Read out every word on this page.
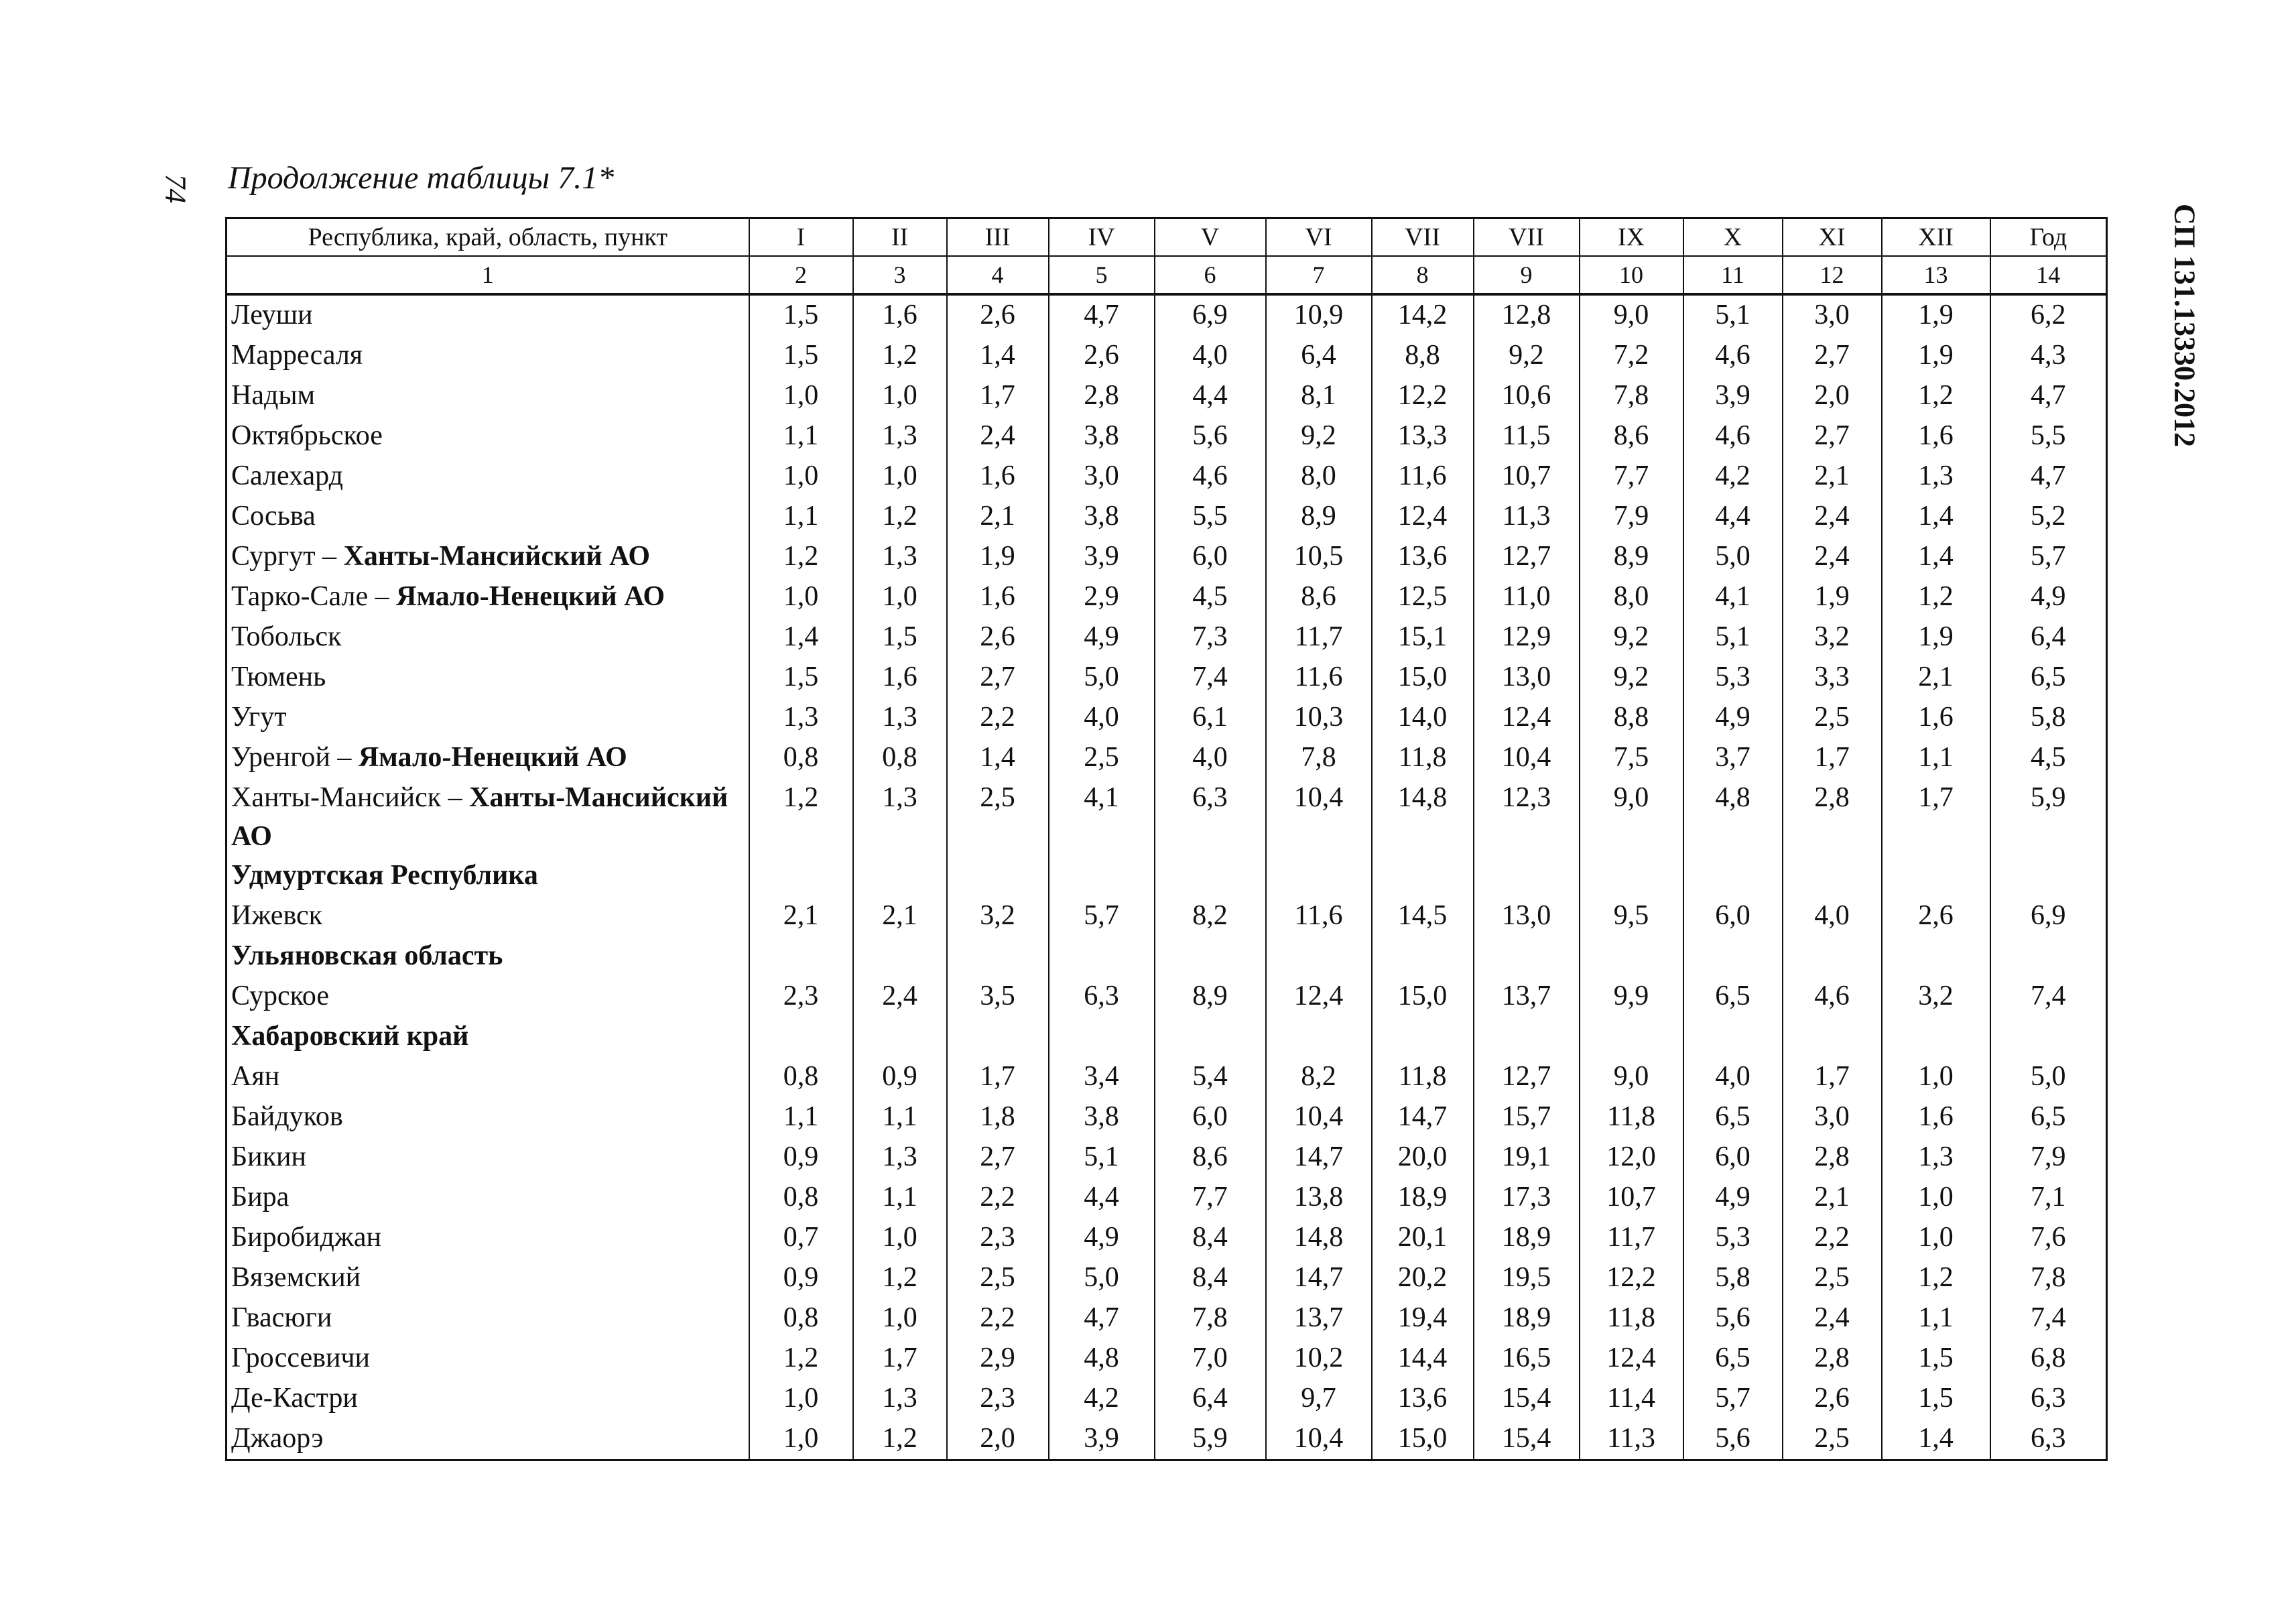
74 Продолжение таблицы 7.1*
СП 131.13330.2012
Республика, край, область, пункт	I	II	III	IV	V	VI	VII	VII	IX	X	XI	XII	Год
1	2	3	4	5	6	7	8	9	10	11	12	13	14
Леуши	1,5	1,6	2,6	4,7	6,9	10,9	14,2	12,8	9,0	5,1	3,0	1,9	6,2
Марресаля	1,5	1,2	1,4	2,6	4,0	6,4	8,8	9,2	7,2	4,6	2,7	1,9	4,3
Надым	1,0	1,0	1,7	2,8	4,4	8,1	12,2	10,6	7,8	3,9	2,0	1,2	4,7
Октябрьское	1,1	1,3	2,4	3,8	5,6	9,2	13,3	11,5	8,6	4,6	2,7	1,6	5,5
Салехард	1,0	1,0	1,6	3,0	4,6	8,0	11,6	10,7	7,7	4,2	2,1	1,3	4,7
Сосьва	1,1	1,2	2,1	3,8	5,5	8,9	12,4	11,3	7,9	4,4	2,4	1,4	5,2
Сургут – Ханты-Мансийский АО	1,2	1,3	1,9	3,9	6,0	10,5	13,6	12,7	8,9	5,0	2,4	1,4	5,7
Тарко-Сале – Ямало-Ненецкий АО	1,0	1,0	1,6	2,9	4,5	8,6	12,5	11,0	8,0	4,1	1,9	1,2	4,9
Тобольск	1,4	1,5	2,6	4,9	7,3	11,7	15,1	12,9	9,2	5,1	3,2	1,9	6,4
Тюмень	1,5	1,6	2,7	5,0	7,4	11,6	15,0	13,0	9,2	5,3	3,3	2,1	6,5
Угут	1,3	1,3	2,2	4,0	6,1	10,3	14,0	12,4	8,8	4,9	2,5	1,6	5,8
Уренгой – Ямало-Ненецкий АО	0,8	0,8	1,4	2,5	4,0	7,8	11,8	10,4	7,5	3,7	1,7	1,1	4,5
Ханты-Мансийск – Ханты-Мансийский АО	1,2	1,3	2,5	4,1	6,3	10,4	14,8	12,3	9,0	4,8	2,8	1,7	5,9
Удмуртская Республика													
Ижевск	2,1	2,1	3,2	5,7	8,2	11,6	14,5	13,0	9,5	6,0	4,0	2,6	6,9
Ульяновская область													
Сурское	2,3	2,4	3,5	6,3	8,9	12,4	15,0	13,7	9,9	6,5	4,6	3,2	7,4
Хабаровский край													
Аян	0,8	0,9	1,7	3,4	5,4	8,2	11,8	12,7	9,0	4,0	1,7	1,0	5,0
Байдуков	1,1	1,1	1,8	3,8	6,0	10,4	14,7	15,7	11,8	6,5	3,0	1,6	6,5
Бикин	0,9	1,3	2,7	5,1	8,6	14,7	20,0	19,1	12,0	6,0	2,8	1,3	7,9
Бира	0,8	1,1	2,2	4,4	7,7	13,8	18,9	17,3	10,7	4,9	2,1	1,0	7,1
Биробиджан	0,7	1,0	2,3	4,9	8,4	14,8	20,1	18,9	11,7	5,3	2,2	1,0	7,6
Вяземский	0,9	1,2	2,5	5,0	8,4	14,7	20,2	19,5	12,2	5,8	2,5	1,2	7,8
Гвасюги	0,8	1,0	2,2	4,7	7,8	13,7	19,4	18,9	11,8	5,6	2,4	1,1	7,4
Гроссевичи	1,2	1,7	2,9	4,8	7,0	10,2	14,4	16,5	12,4	6,5	2,8	1,5	6,8
Де-Кастри	1,0	1,3	2,3	4,2	6,4	9,7	13,6	15,4	11,4	5,7	2,6	1,5	6,3
Джаорэ	1,0	1,2	2,0	3,9	5,9	10,4	15,0	15,4	11,3	5,6	2,5	1,4	6,3
